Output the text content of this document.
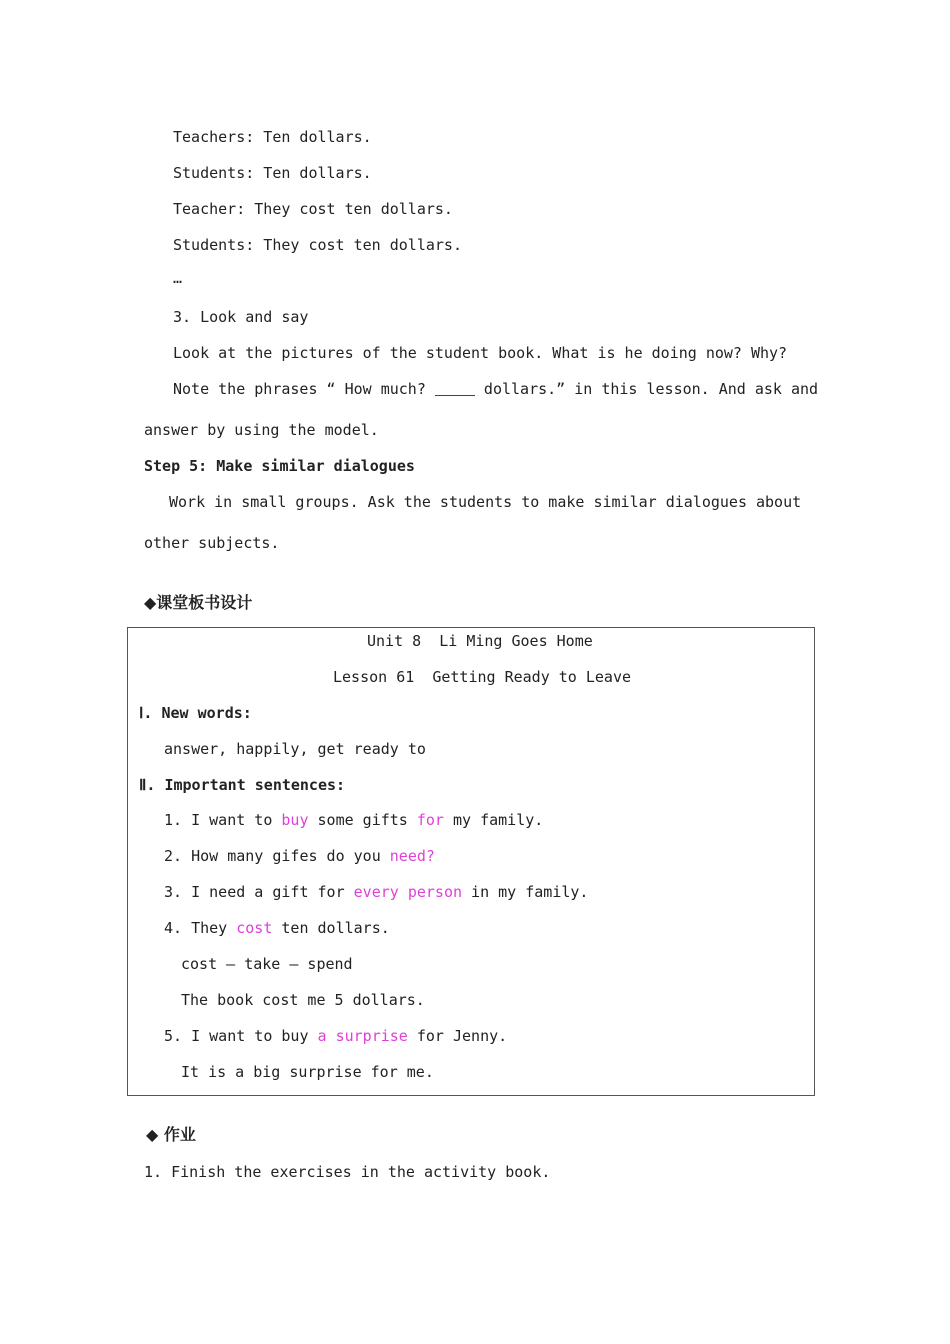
Teachers: Ten dollars.
Students: Ten dollars.
Teacher: They cost ten dollars.
Students: They cost ten dollars.
…
3. Look and say
Look at the pictures of the student book. What is he doing now? Why?
Note the phrases “ How much?	dollars.” in this lesson. And ask and
answer by using the model.
Step 5: Make similar dialogues
Work in small groups. Ask the students to make similar dialogues about
other subjects.
◆课堂板书设计
Unit 8  Li Ming Goes Home
Lesson 61  Getting Ready to Leave
Ⅰ. New words:
answer, happily, get ready to
Ⅱ. Important sentences:
1. I want to buy some gifts for my family.
2. How many gifes do you need?
3. I need a gift for every person in my family.
4. They cost ten dollars.
cost — take — spend
The book cost me 5 dollars.
5. I want to buy a surprise for Jenny.
It is a big surprise for me.
◆ 作业
1. Finish the exercises in the activity book.
